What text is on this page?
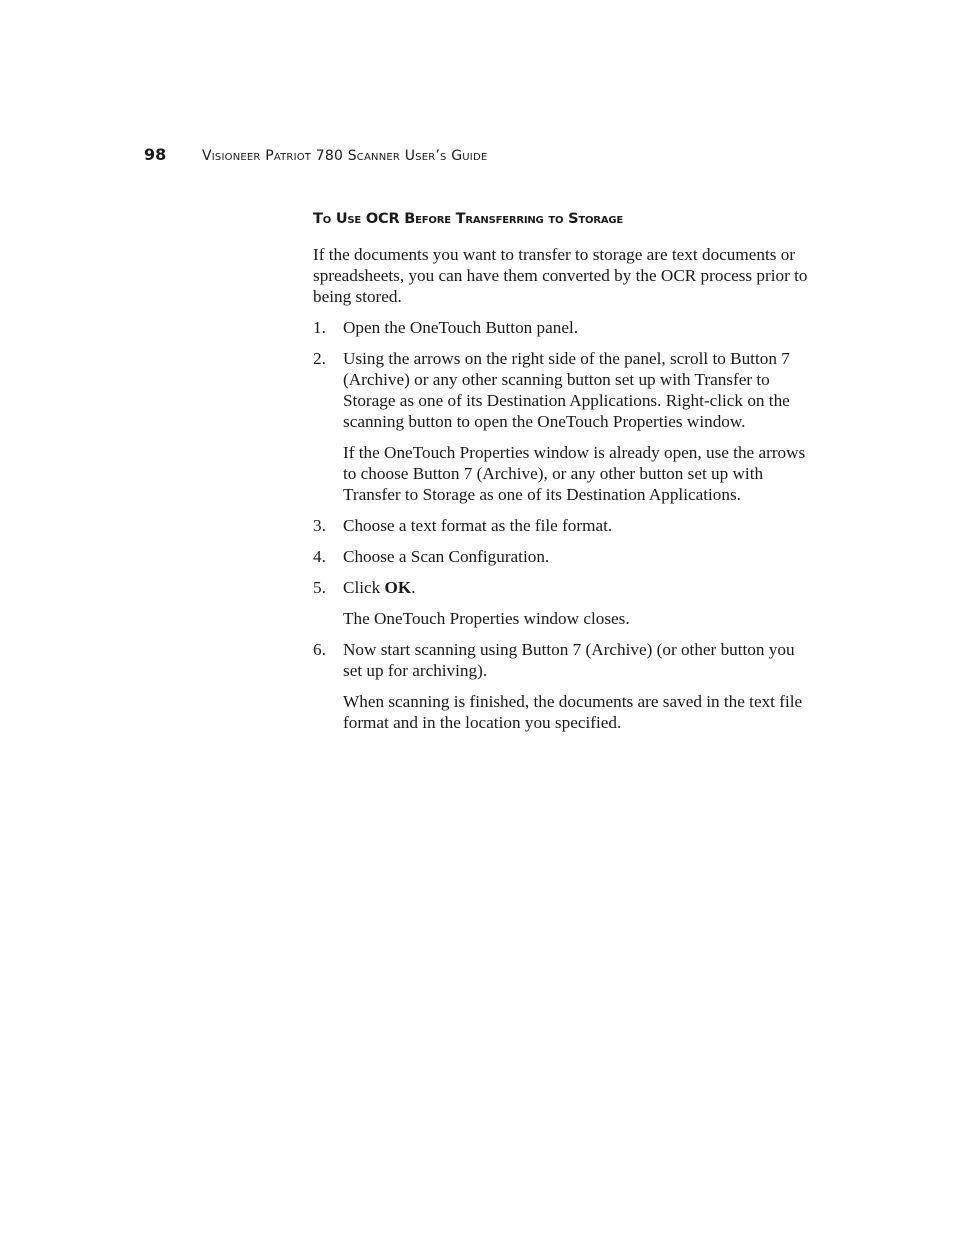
98	Visioneer Patriot 780 Scanner User’s Guide
To Use OCR Before Transferring to Storage

If the documents you want to transfer to storage are text documents or spreadsheets, you can have them converted by the OCR process prior to being stored.

1. Open the OneTouch Button panel.
2. Using the arrows on the right side of the panel, scroll to Button 7 (Archive) or any other scanning button set up with Transfer to Storage as one of its Destination Applications. Right-click on the scanning button to open the OneTouch Properties window.

If the OneTouch Properties window is already open, use the arrows to choose Button 7 (Archive), or any other button set up with Transfer to Storage as one of its Destination Applications.

3. Choose a text format as the file format.
4. Choose a Scan Configuration.
5. Click OK.

The OneTouch Properties window closes.

6. Now start scanning using Button 7 (Archive) (or other button you set up for archiving).

When scanning is finished, the documents are saved in the text file format and in the location you specified.
